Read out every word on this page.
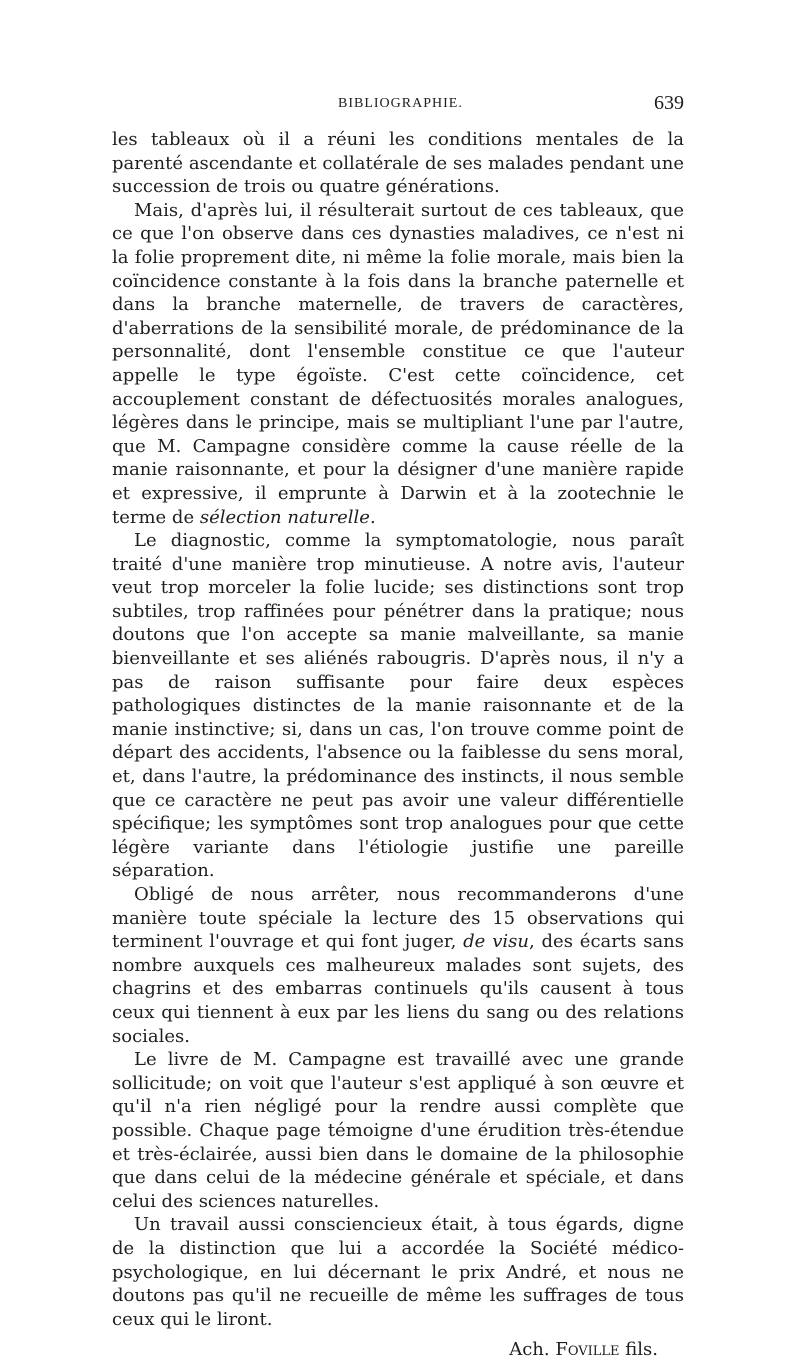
BIBLIOGRAPHIE.	639

les tableaux où il a réuni les conditions mentales de la parenté ascendante et collatérale de ses malades pendant une succession de trois ou quatre générations.

Mais, d'après lui, il résulterait surtout de ces tableaux, que ce que l'on observe dans ces dynasties maladives, ce n'est ni la folie proprement dite, ni même la folie morale, mais bien la coïncidence constante à la fois dans la branche paternelle et dans la branche maternelle, de travers de caractères, d'aberrations de la sensibilité morale, de prédominance de la personnalité, dont l'ensemble constitue ce que l'auteur appelle le type égoïste. C'est cette coïncidence, cet accouplement constant de défectuosités morales analogues, légères dans le principe, mais se multipliant l'une par l'autre, que M. Campagne considère comme la cause réelle de la manie raisonnante, et pour la désigner d'une manière rapide et expressive, il emprunte à Darwin et à la zootechnie le terme de sélection naturelle.

Le diagnostic, comme la symptomatologie, nous paraît traité d'une manière trop minutieuse. A notre avis, l'auteur veut trop morceler la folie lucide; ses distinctions sont trop subtiles, trop raffinées pour pénétrer dans la pratique; nous doutons que l'on accepte sa manie malveillante, sa manie bienveillante et ses aliénés rabougris. D'après nous, il n'y a pas de raison suffisante pour faire deux espèces pathologiques distinctes de la manie raisonnante et de la manie instinctive; si, dans un cas, l'on trouve comme point de départ des accidents, l'absence ou la faiblesse du sens moral, et, dans l'autre, la prédominance des instincts, il nous semble que ce caractère ne peut pas avoir une valeur différentielle spécifique; les symptômes sont trop analogues pour que cette légère variante dans l'étiologie justifie une pareille séparation.

Obligé de nous arrêter, nous recommanderons d'une manière toute spéciale la lecture des 15 observations qui terminent l'ouvrage et qui font juger, de visu, des écarts sans nombre auxquels ces malheureux malades sont sujets, des chagrins et des embarras continuels qu'ils causent à tous ceux qui tiennent à eux par les liens du sang ou des relations sociales.

Le livre de M. Campagne est travaillé avec une grande sollicitude; on voit que l'auteur s'est appliqué à son œuvre et qu'il n'a rien négligé pour la rendre aussi complète que possible. Chaque page témoigne d'une érudition très-étendue et très-éclairée, aussi bien dans le domaine de la philosophie que dans celui de la médecine générale et spéciale, et dans celui des sciences naturelles.

Un travail aussi consciencieux était, à tous égards, digne de la distinction que lui a accordée la Société médico-psychologique, en lui décernant le prix André, et nous ne doutons pas qu'il ne recueille de même les suffrages de tous ceux qui le liront.

Ach. Foville fils.
